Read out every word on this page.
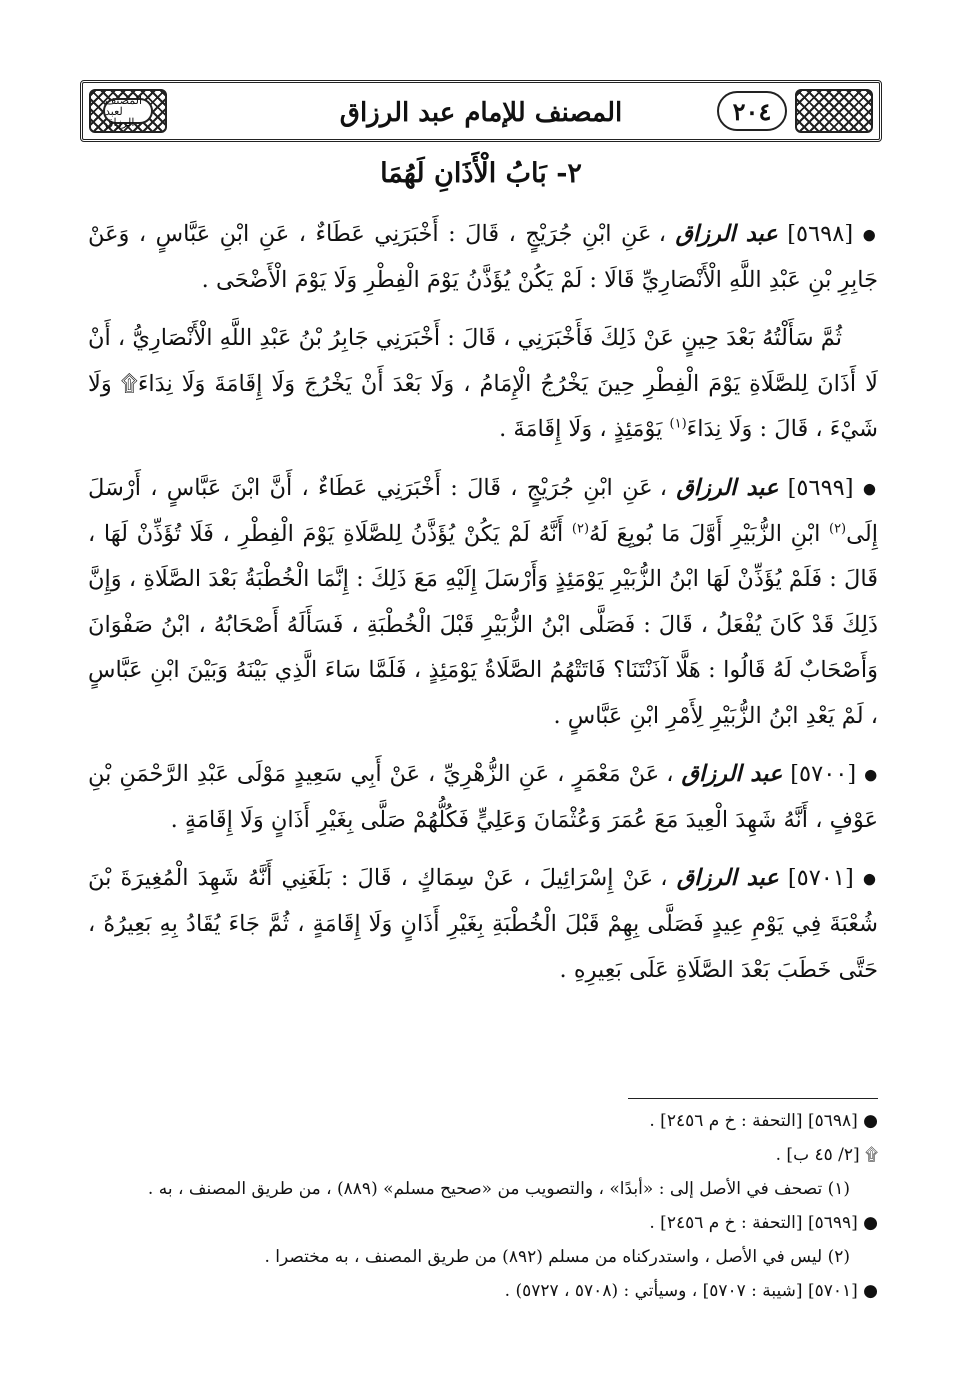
المصنف لعبد الرزاق	المصنف للإمام عبد الرزاق	٢٠٤
٢- بَابُ الْأَذَانِ لَهُمَا

● [٥٦٩٨] عبد الرزاق ، عَنِ ابْنِ جُرَيْجٍ ، قَالَ : أَخْبَرَنِي عَطَاءٌ ، عَنِ ابْنِ عَبَّاسٍ ، وَعَنْ جَابِرِ بْنِ عَبْدِ اللَّهِ الْأَنْصَارِيِّ قَالَا : لَمْ يَكُنْ يُؤَذَّنُ يَوْمَ الْفِطْرِ وَلَا يَوْمَ الْأَضْحَى .

ثُمَّ سَأَلْتُهُ بَعْدَ حِينٍ عَنْ ذَلِكَ فَأَخْبَرَنِي ، قَالَ : أَخْبَرَنِي جَابِرُ بْنُ عَبْدِ اللَّهِ الْأَنْصَارِيُّ ، أَنْ لَا أَذَانَ لِلصَّلَاةِ يَوْمَ الْفِطْرِ حِينَ يَخْرُجُ الْإِمَامُ ، وَلَا بَعْدَ أَنْ يَخْرُجَ وَلَا إِقَامَةَ وَلَا نِدَاءَ۩ وَلَا شَيْءَ ، قَالَ : وَلَا نِدَاءَ$^{(١)}$ يَوْمَئِذٍ ، وَلَا إِقَامَةَ .

● [٥٦٩٩] عبد الرزاق ، عَنِ ابْنِ جُرَيْجٍ ، قَالَ : أَخْبَرَنِي عَطَاءٌ ، أَنَّ ابْنَ عَبَّاسٍ ، أَرْسَلَ إِلَى$^{(٢)}$ ابْنِ الزُّبَيْرِ أَوَّلَ مَا بُويِعَ لَهُ$^{(٢)}$ أَنَّهُ لَمْ يَكُنْ يُؤَذَّنُ لِلصَّلَاةِ يَوْمَ الْفِطْرِ ، فَلَا تُؤَذِّنْ لَهَا ، قَالَ : فَلَمْ يُؤَذِّنْ لَهَا ابْنُ الزُّبَيْرِ يَوْمَئِذٍ وَأَرْسَلَ إِلَيْهِ مَعَ ذَلِكَ : إِنَّمَا الْخُطْبَةُ بَعْدَ الصَّلَاةِ ، وَإِنَّ ذَلِكَ قَدْ كَانَ يُفْعَلُ ، قَالَ : فَصَلَّى ابْنُ الزُّبَيْرِ قَبْلَ الْخُطْبَةِ ، فَسَأَلَهُ أَصْحَابُهُ ، ابْنُ صَفْوَانَ وَأَصْحَابٌ لَهُ قَالُوا : هَلَّا آذَنْتَنَا؟ فَاتَتْهُمُ الصَّلَاةُ يَوْمَئِذٍ ، فَلَمَّا سَاءَ الَّذِي بَيْنَهُ وَبَيْنَ ابْنِ عَبَّاسٍ ، لَمْ يَعْدِ ابْنُ الزُّبَيْرِ لِأَمْرِ ابْنِ عَبَّاسٍ .

● [٥٧٠٠] عبد الرزاق ، عَنْ مَعْمَرٍ ، عَنِ الزُّهْرِيِّ ، عَنْ أَبِي سَعِيدٍ مَوْلَى عَبْدِ الرَّحْمَنِ بْنِ عَوْفٍ ، أَنَّهُ شَهِدَ الْعِيدَ مَعَ عُمَرَ وَعُثْمَانَ وَعَلِيٍّ فَكُلُّهُمْ صَلَّى بِغَيْرِ أَذَانٍ وَلَا إِقَامَةٍ .

● [٥٧٠١] عبد الرزاق ، عَنْ إِسْرَائِيلَ ، عَنْ سِمَاكٍ ، قَالَ : بَلَغَنِي أَنَّهُ شَهِدَ الْمُغِيرَةَ بْنَ شُعْبَةَ فِي يَوْمِ عِيدٍ فَصَلَّى بِهِمْ قَبْلَ الْخُطْبَةِ بِغَيْرِ أَذَانٍ وَلَا إِقَامَةٍ ، ثُمَّ جَاءَ يُقَادُ بِهِ بَعِيرُهُ ، حَتَّى خَطَبَ بَعْدَ الصَّلَاةِ عَلَى بَعِيرِهِ .

● [٥٦٩٨] [التحفة : خ م ٢٤٥٦] .
۩ [٢/ ٤٥ ب] .
(١) تصحف في الأصل إلى : «أبدًا» ، والتصويب من «صحيح مسلم» (٨٨٩) ، من طريق المصنف ، به .
● [٥٦٩٩] [التحفة : خ م ٢٤٥٦] .
(٢) ليس في الأصل ، واستدركناه من مسلم (٨٩٢) من طريق المصنف ، به مختصرا .
● [٥٧٠١] [شيبة : ٥٧٠٧] ، وسيأتي : (٥٧٠٨ ، ٥٧٢٧) .
